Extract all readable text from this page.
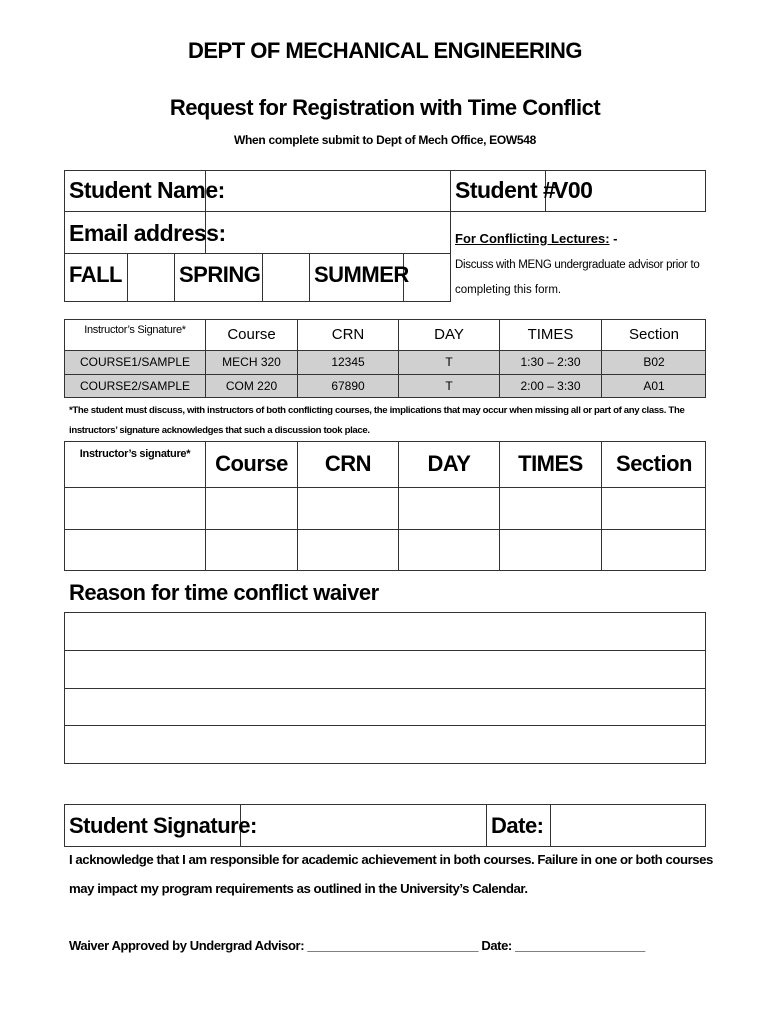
DEPT OF MECHANICAL ENGINEERING
Request for Registration with Time Conflict
When complete submit to Dept of Mech Office, EOW548
Student Name:	Student #
V00
Email address:
FALL	SPRING SUMMER
For Conflicting Lectures: -
Discuss with MENG undergraduate advisor prior to
completing this form.
Instructor’s Signature*	Course	CRN	DAY	TIMES	Section
COURSE1/SAMPLE	MECH 320	12345	T	1:30 – 2:30	B02
COURSE2/SAMPLE	COM 220	67890	T	2:00 – 3:30	A01
*The student must discuss, with instructors of both conflicting courses, the implications that may occur when missing all or part of any class. The
instructors’ signature acknowledges that such a discussion took place.
Instructor’s signature*	Course	CRN	DAY	TIMES	Section
Reason for time conflict waiver
Student Signature:	Date:
I acknowledge that I am responsible for academic achievement in both courses. Failure in one or both courses
may impact my program requirements as outlined in the University’s Calendar.
Waiver Approved by Undergrad Advisor: _________________________ Date: ___________________
